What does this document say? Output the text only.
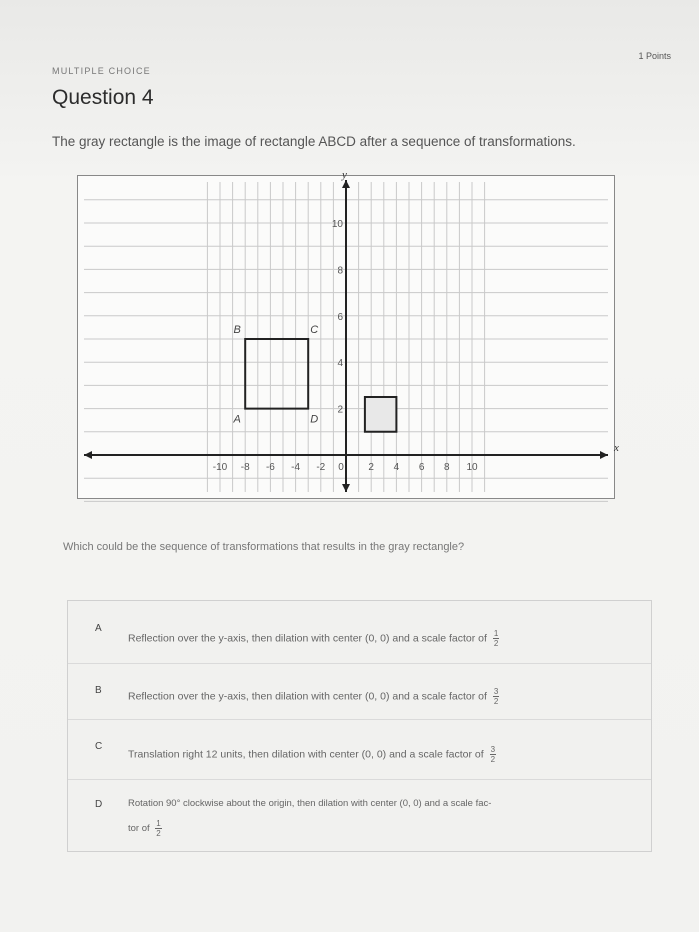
1 Points
MULTIPLE CHOICE
Question 4
The gray rectangle is the image of rectangle ABCD after a sequence of transformations.
x
y
-10 -8 -6 -4 -2 0 2 4 6 8 10
2
4
6
8
10
A
B	C
D
Which could be the sequence of transformations that results in the gray rectangle?
A
Reflection over the y-axis, then dilation with center (0, 0) and a scale factor of $\frac{1}{2}$
B	Reflection over the y-axis, then dilation with center (0, 0) and a scale factor of $\frac{3}{2}$
C
Translation right 12 units, then dilation with center (0, 0) and a scale factor of $\frac{3}{2}$
D	Rotation 90° clockwise about the origin, then dilation with center (0, 0) and a scale fac-
tor of $\frac{1}{2}$
